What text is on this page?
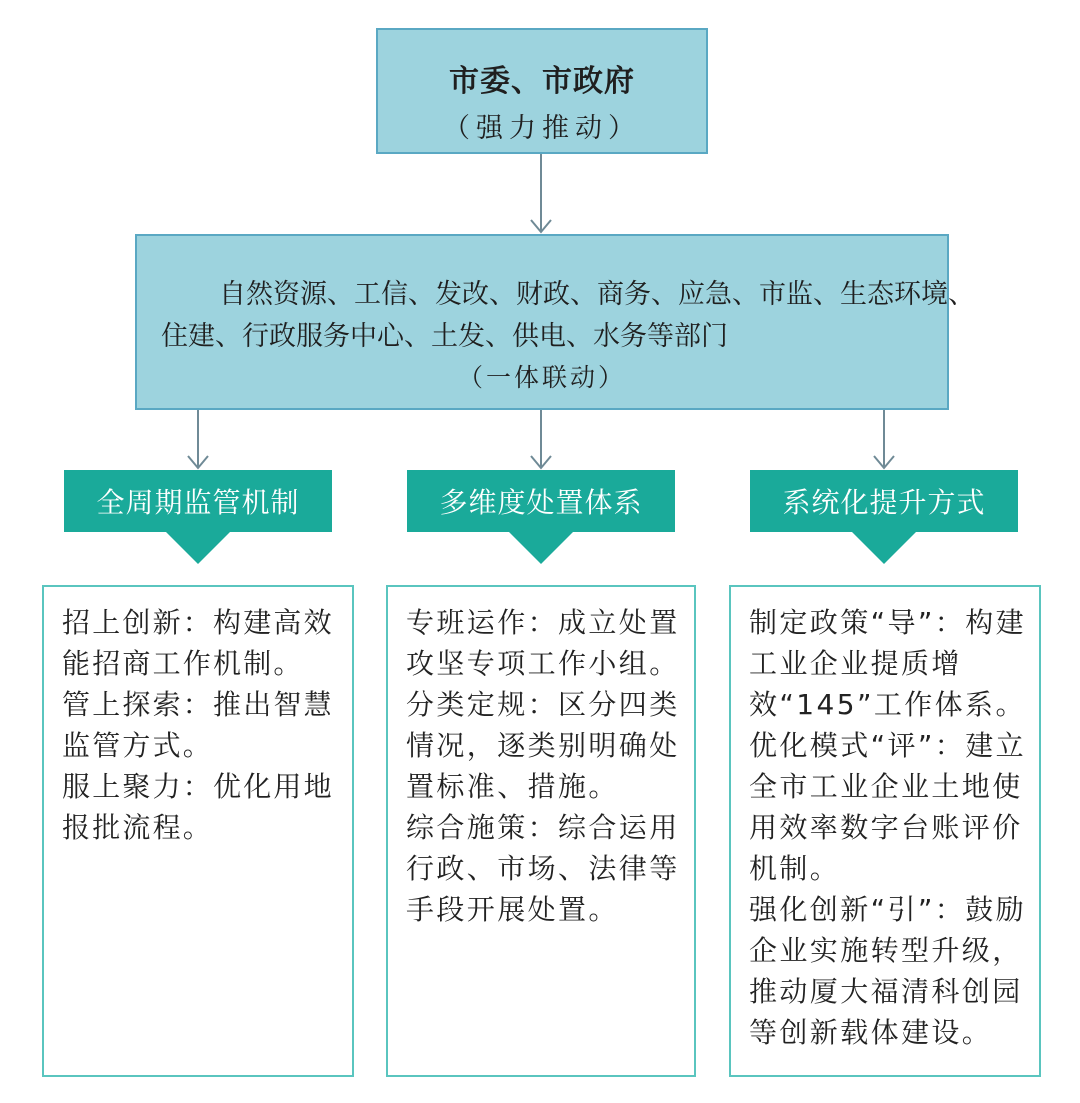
市委、市政府
（强力推动）
自然资源、工信、发改、财政、商务、应急、市监、生态环境、
住建、行政服务中心、土发、供电、水务等部门
（一体联动）
全周期监管机制
招上创新：构建高效能招商工作机制。
管上探索：推出智慧监管方式。
服上聚力：优化用地报批流程。
多维度处置体系
专班运作：成立处置攻坚专项工作小组。
分类定规：区分四类情况，逐类别明确处置标准、措施。
综合施策：综合运用行政、市场、法律等手段开展处置。
系统化提升方式
制定政策“导”：构建工业企业提质增效“145”工作体系。
优化模式“评”：建立全市工业企业土地使用效率数字台账评价机制。
强化创新“引”：鼓励企业实施转型升级，推动厦大福清科创园等创新载体建设。
